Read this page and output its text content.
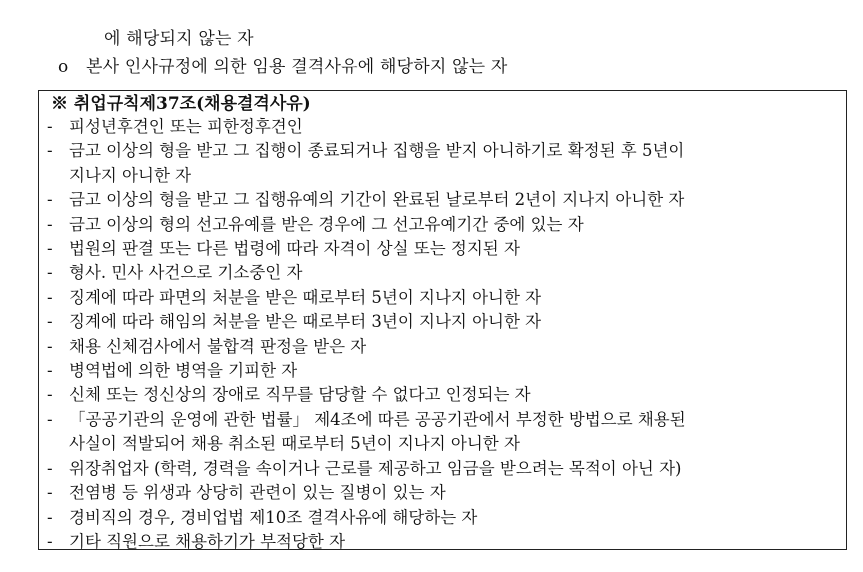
에 해당되지 않는 자
o 본사 인사규정에 의한 임용 결격사유에 해당하지 않는 자
※ 취업규칙제37조(채용결격사유)
- 피성년후견인 또는 피한정후견인
- 금고 이상의 형을 받고 그 집행이 종료되거나 집행을 받지 아니하기로 확정된 후 5년이
지나지 아니한 자
- 금고 이상의 형을 받고 그 집행유예의 기간이 완료된 날로부터 2년이 지나지 아니한 자
- 금고 이상의 형의 선고유예를 받은 경우에 그 선고유예기간 중에 있는 자
- 법원의 판결 또는 다른 법령에 따라 자격이 상실 또는 정지된 자
- 형사. 민사 사건으로 기소중인 자
- 징계에 따라 파면의 처분을 받은 때로부터 5년이 지나지 아니한 자
- 징계에 따라 해임의 처분을 받은 때로부터 3년이 지나지 아니한 자
- 채용 신체검사에서 불합격 판정을 받은 자
- 병역법에 의한 병역을 기피한 자
- 신체 또는 정신상의 장애로 직무를 담당할 수 없다고 인정되는 자
- 「공공기관의 운영에 관한 법률」 제4조에 따른 공공기관에서 부정한 방법으로 채용된
사실이 적발되어 채용 취소된 때로부터 5년이 지나지 아니한 자
- 위장취업자 (학력, 경력을 속이거나 근로를 제공하고 임금을 받으려는 목적이 아닌 자)
- 전염병 등 위생과 상당히 관련이 있는 질병이 있는 자
- 경비직의 경우, 경비업법 제10조 결격사유에 해당하는 자
- 기타 직원으로 채용하기가 부적당한 자
